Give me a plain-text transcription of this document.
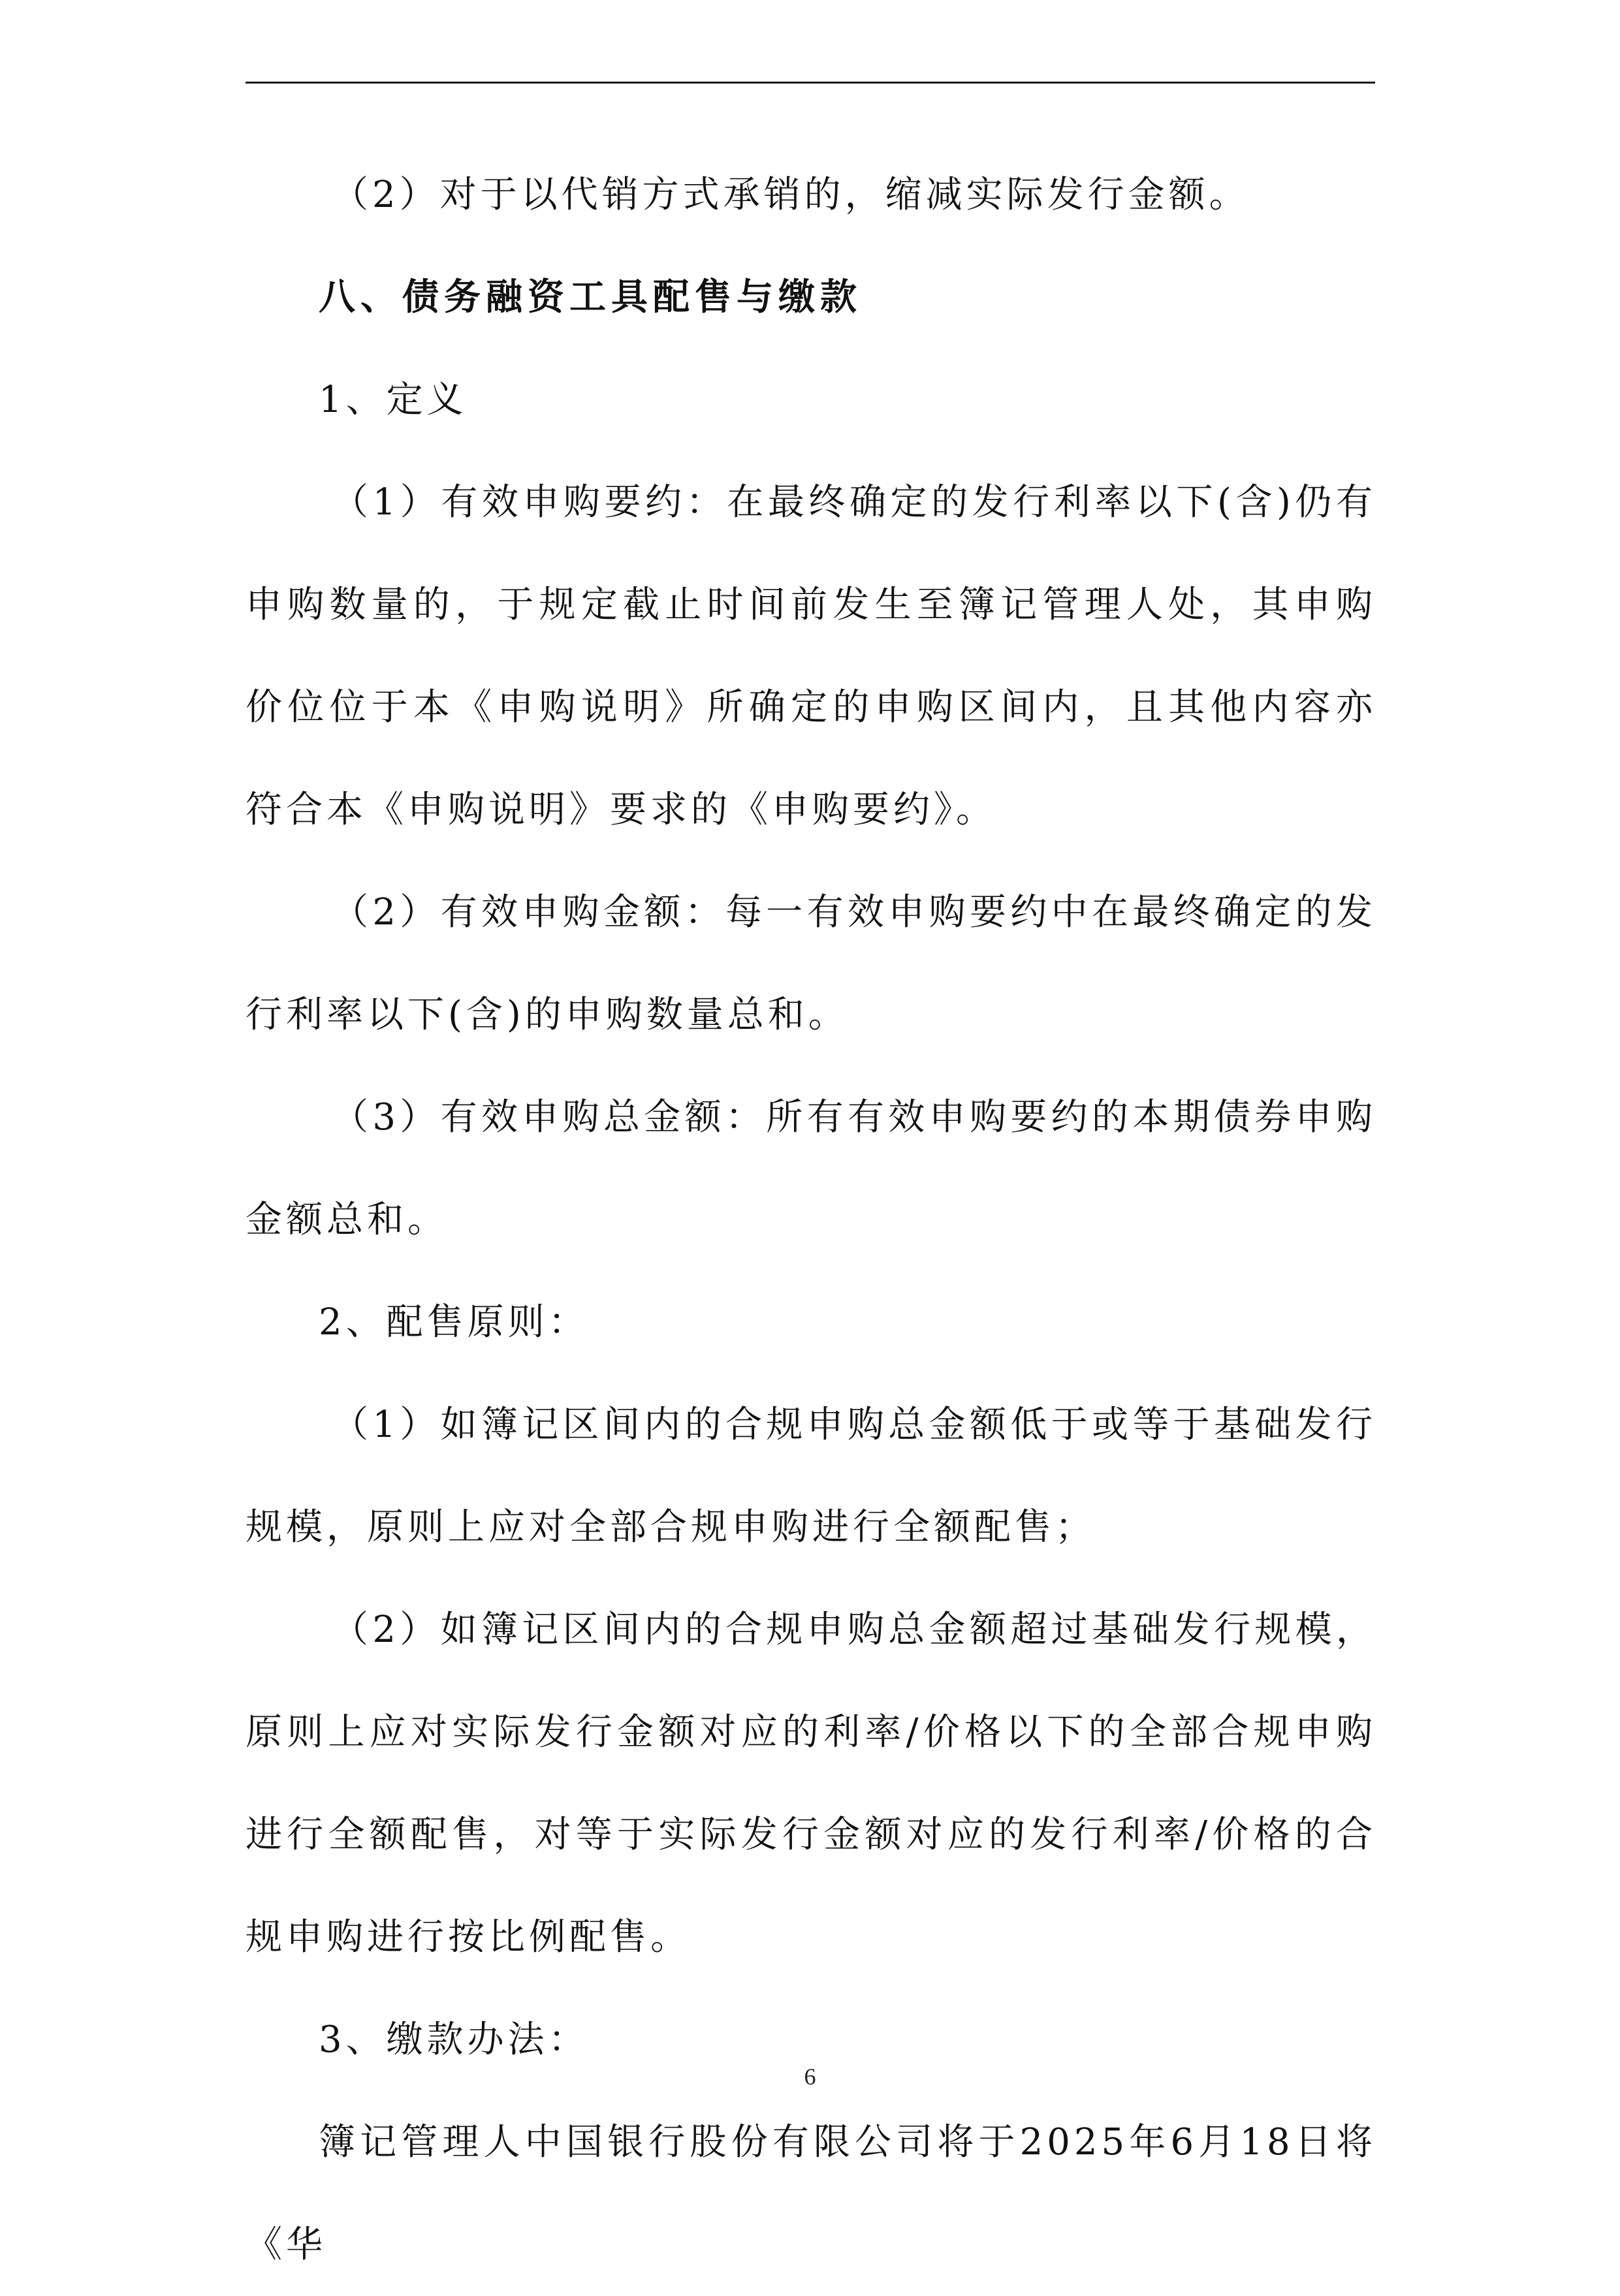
（2）对于以代销方式承销的，缩减实际发行金额。

八、债务融资工具配售与缴款

1、定义

（1）有效申购要约：在最终确定的发行利率以下(含)仍有申购数量的，于规定截止时间前发生至簿记管理人处，其申购价位位于本《申购说明》所确定的申购区间内，且其他内容亦符合本《申购说明》要求的《申购要约》。

（2）有效申购金额：每一有效申购要约中在最终确定的发行利率以下(含)的申购数量总和。

（3）有效申购总金额：所有有效申购要约的本期债券申购金额总和。

2、配售原则：

（1）如簿记区间内的合规申购总金额低于或等于基础发行规模，原则上应对全部合规申购进行全额配售；

（2）如簿记区间内的合规申购总金额超过基础发行规模，原则上应对实际发行金额对应的利率/价格以下的全部合规申购进行全额配售，对等于实际发行金额对应的发行利率/价格的合规申购进行按比例配售。

3、缴款办法：

簿记管理人中国银行股份有限公司将于2025年6月18日将《华

6
